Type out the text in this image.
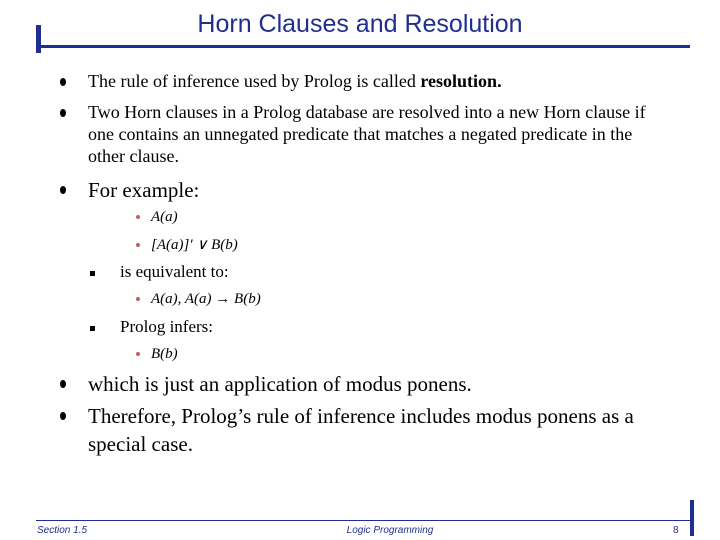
Horn Clauses and Resolution
The rule of inference used by Prolog is called resolution.
Two Horn clauses in a Prolog database are resolved into a new Horn clause if one contains an unnegated predicate that matches a negated predicate in the other clause.
For example:
A(a)
[A(a)]′ ∨ B(b)
is equivalent to:
A(a), A(a) → B(b)
Prolog infers:
B(b)
which is just an application of modus ponens.
Therefore, Prolog’s rule of inference includes modus ponens as a special case.
Section 1.5	Logic Programming	8
